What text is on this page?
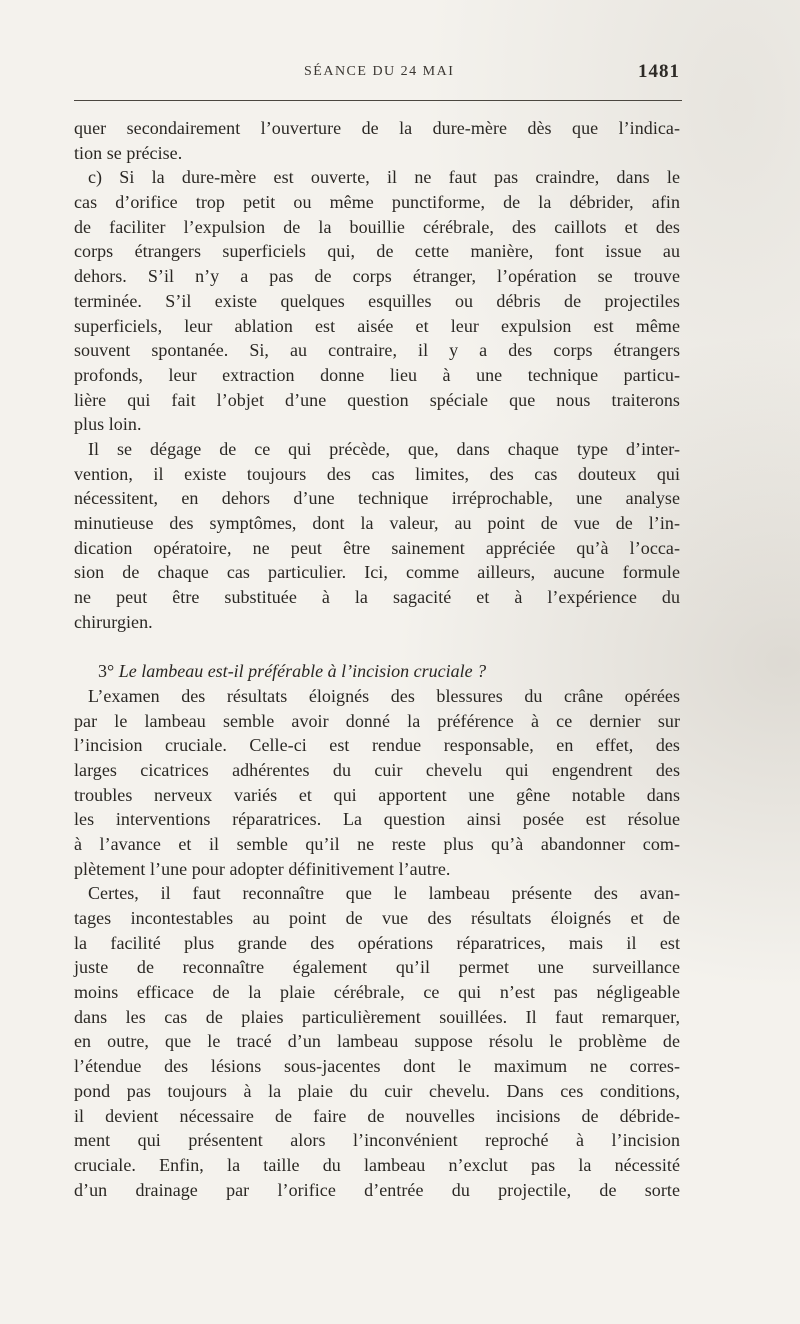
SÉANCE DU 24 MAI	1481
quer secondairement l’ouverture de la dure-mère dès que l’indica-
tion se précise.
c) Si la dure-mère est ouverte, il ne faut pas craindre, dans le
cas d’orifice trop petit ou même punctiforme, de la débrider, afin
de faciliter l’expulsion de la bouillie cérébrale, des caillots et des
corps étrangers superficiels qui, de cette manière, font issue au
dehors. S’il n’y a pas de corps étranger, l’opération se trouve
terminée. S’il existe quelques esquilles ou débris de projectiles
superficiels, leur ablation est aisée et leur expulsion est même
souvent spontanée. Si, au contraire, il y a des corps étrangers
profonds, leur extraction donne lieu à une technique particu-
lière qui fait l’objet d’une question spéciale que nous traiterons
plus loin.
Il se dégage de ce qui précède, que, dans chaque type d’inter-
vention, il existe toujours des cas limites, des cas douteux qui
nécessitent, en dehors d’une technique irréprochable, une analyse
minutieuse des symptômes, dont la valeur, au point de vue de l’in-
dication opératoire, ne peut être sainement appréciée qu’à l’occa-
sion de chaque cas particulier. Ici, comme ailleurs, aucune formule
ne peut être substituée à la sagacité et à l’expérience du
chirurgien.
3° Le lambeau est-il préférable à l’incision cruciale ?
L’examen des résultats éloignés des blessures du crâne opérées
par le lambeau semble avoir donné la préférence à ce dernier sur
l’incision cruciale. Celle-ci est rendue responsable, en effet, des
larges cicatrices adhérentes du cuir chevelu qui engendrent des
troubles nerveux variés et qui apportent une gêne notable dans
les interventions réparatrices. La question ainsi posée est résolue
à l’avance et il semble qu’il ne reste plus qu’à abandonner com-
plètement l’une pour adopter définitivement l’autre.
Certes, il faut reconnaître que le lambeau présente des avan-
tages incontestables au point de vue des résultats éloignés et de
la facilité plus grande des opérations réparatrices, mais il est
juste de reconnaître également qu’il permet une surveillance
moins efficace de la plaie cérébrale, ce qui n’est pas négligeable
dans les cas de plaies particulièrement souillées. Il faut remarquer,
en outre, que le tracé d’un lambeau suppose résolu le problème de
l’étendue des lésions sous-jacentes dont le maximum ne corres-
pond pas toujours à la plaie du cuir chevelu. Dans ces conditions,
il devient nécessaire de faire de nouvelles incisions de débride-
ment qui présentent alors l’inconvénient reproché à l’incision
cruciale. Enfin, la taille du lambeau n’exclut pas la nécessité
d’un drainage par l’orifice d’entrée du projectile, de sorte
